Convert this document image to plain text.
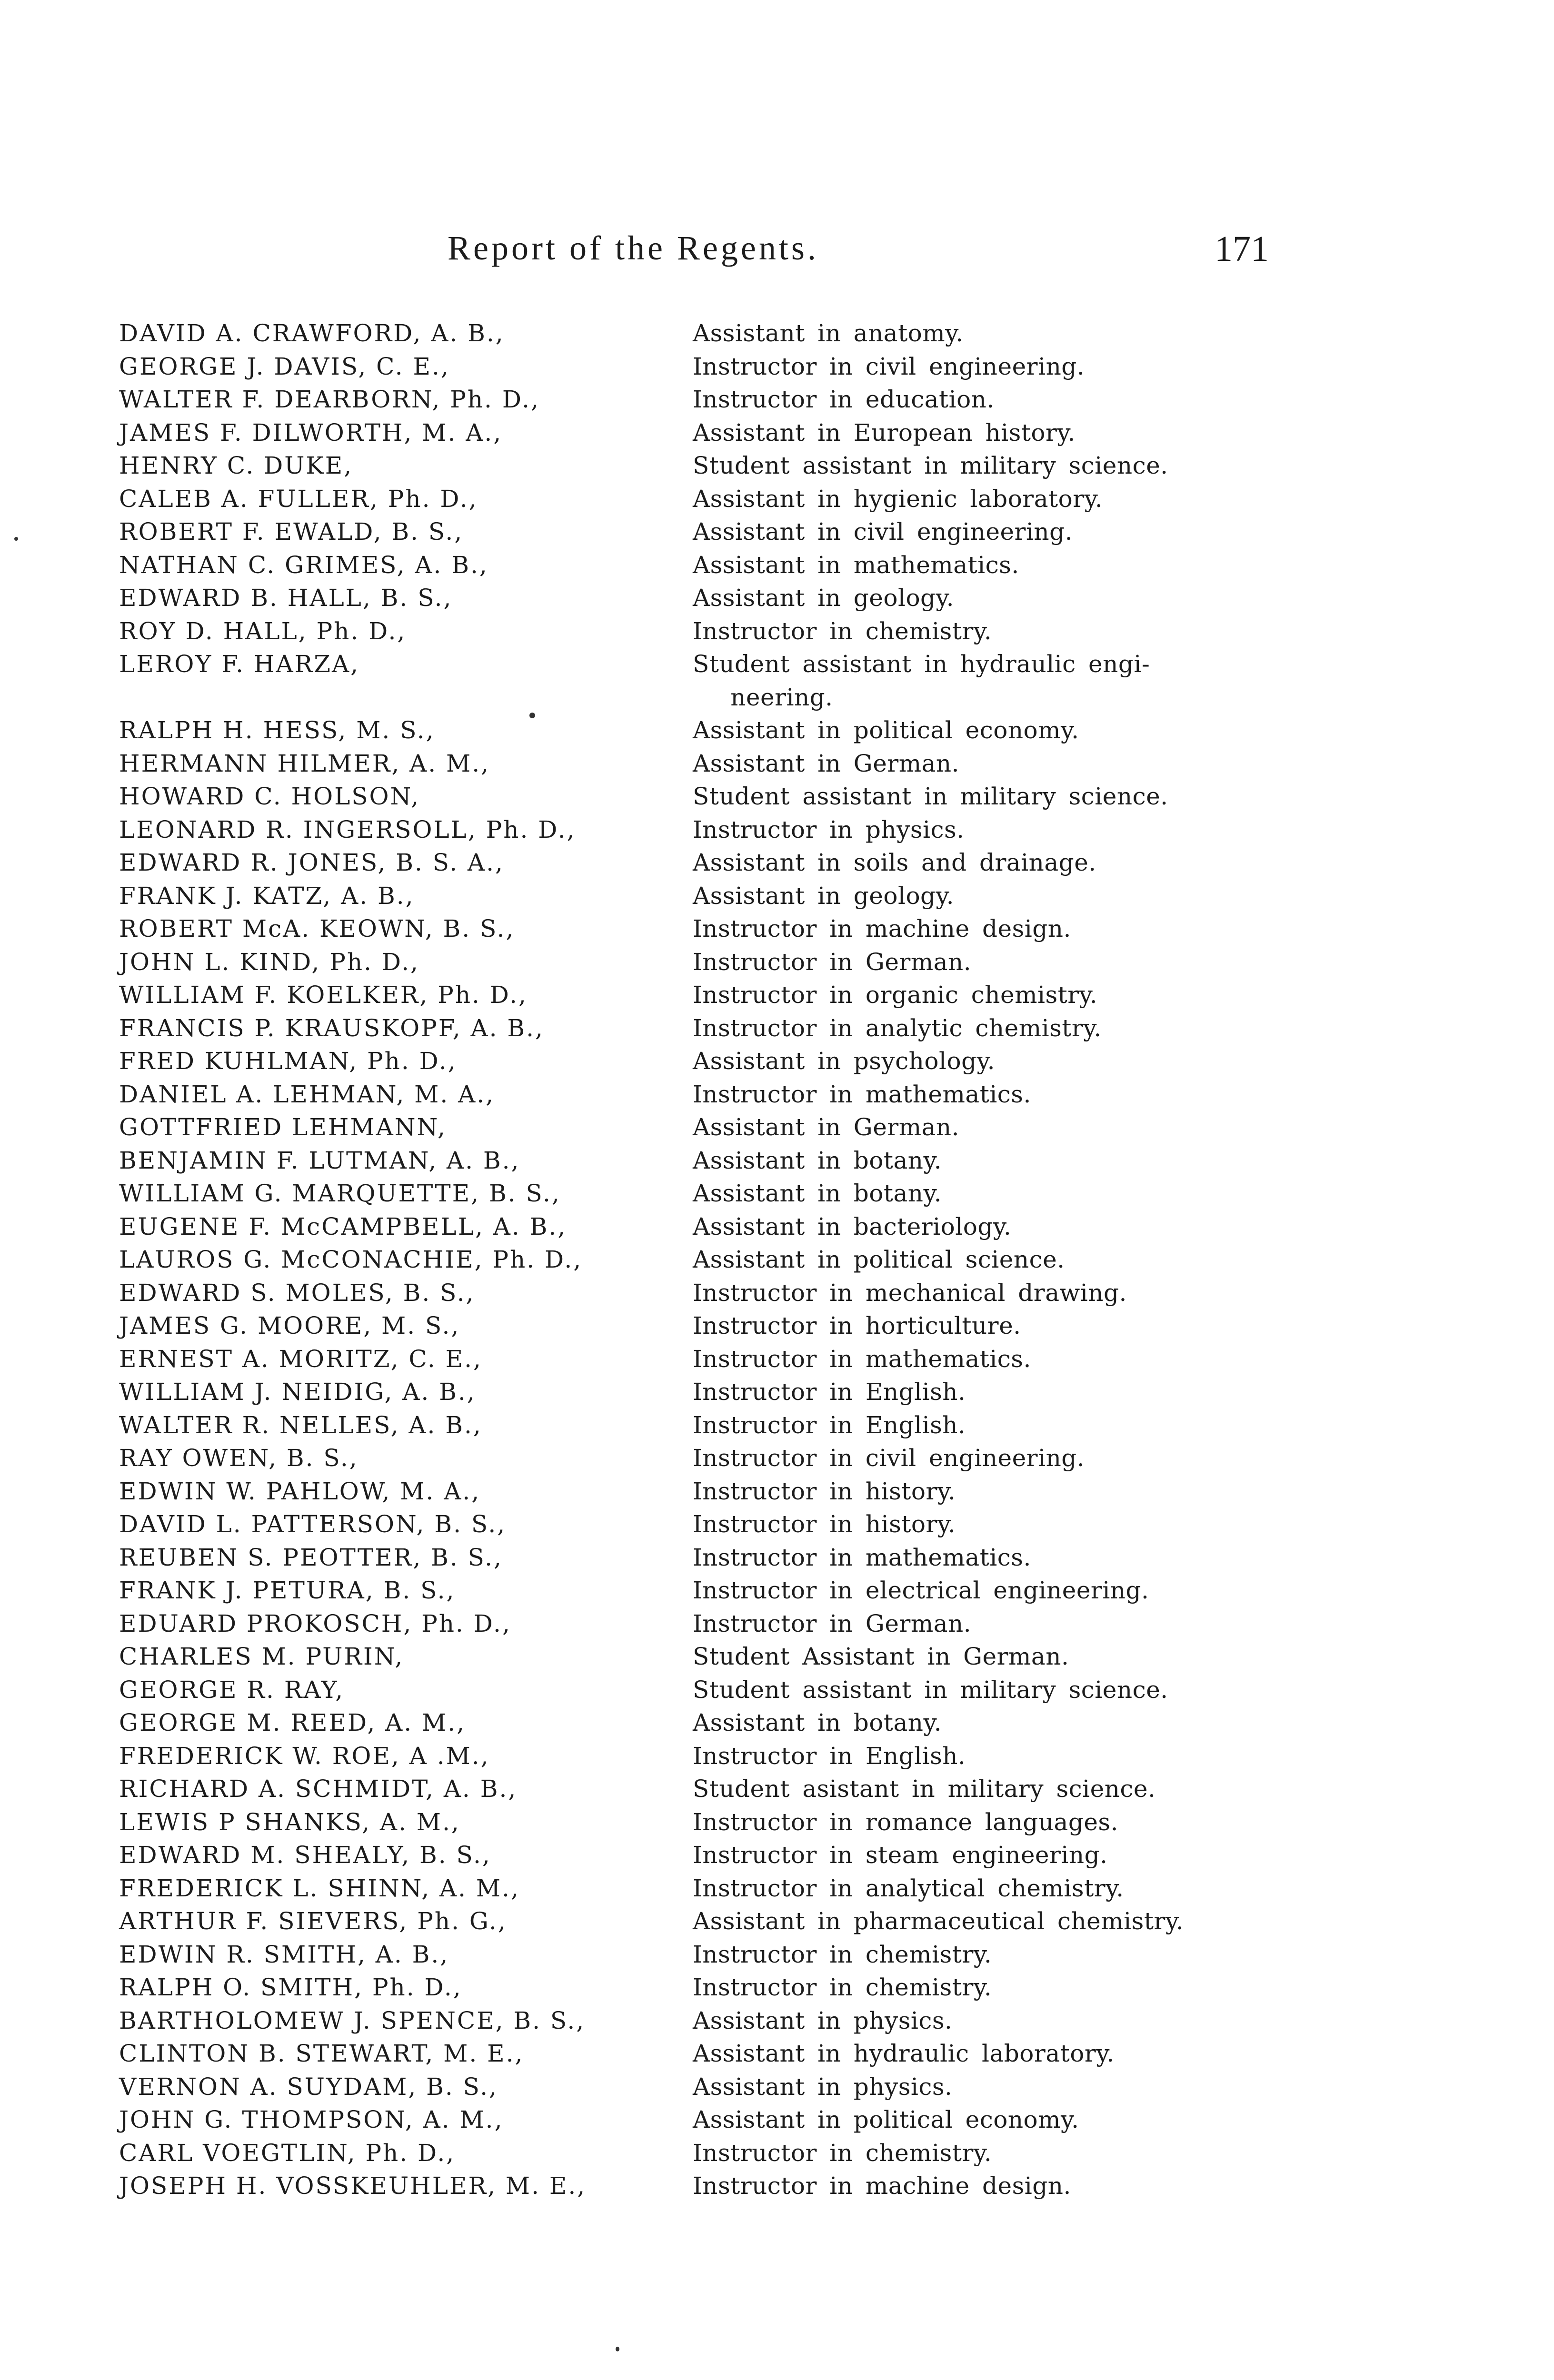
Report of the Regents.	171
DAVID A. CRAWFORD, A. B.,	Assistant in anatomy.
GEORGE J. DAVIS, C. E.,	Instructor in civil engineering.
WALTER F. DEARBORN, Ph. D.,	Instructor in education.
JAMES F. DILWORTH, M. A.,	Assistant in European history.
HENRY C. DUKE,	Student assistant in military science.
CALEB A. FULLER, Ph. D.,	Assistant in hygienic laboratory.
ROBERT F. EWALD, B. S.,	Assistant in civil engineering.
NATHAN C. GRIMES, A. B.,	Assistant in mathematics.
EDWARD B. HALL, B. S.,	Assistant in geology.
ROY D. HALL, Ph. D.,	Instructor in chemistry.
LEROY F. HARZA,	Student assistant in hydraulic engi-
neering.
RALPH H. HESS, M. S.,	Assistant in political economy.
HERMANN HILMER, A. M.,	Assistant in German.
HOWARD C. HOLSON,	Student assistant in military science.
LEONARD R. INGERSOLL, Ph. D.,	Instructor in physics.
EDWARD R. JONES, B. S. A.,	Assistant in soils and drainage.
FRANK J. KATZ, A. B.,	Assistant in geology.
ROBERT McA. KEOWN, B. S.,	Instructor in machine design.
JOHN L. KIND, Ph. D.,	Instructor in German.
WILLIAM F. KOELKER, Ph. D.,	Instructor in organic chemistry.
FRANCIS P. KRAUSKOPF, A. B.,	Instructor in analytic chemistry.
FRED KUHLMAN, Ph. D.,	Assistant in psychology.
DANIEL A. LEHMAN, M. A.,	Instructor in mathematics.
GOTTFRIED LEHMANN,	Assistant in German.
BENJAMIN F. LUTMAN, A. B.,	Assistant in botany.
WILLIAM G. MARQUETTE, B. S.,	Assistant in botany.
EUGENE F. McCAMPBELL, A. B.,	Assistant in bacteriology.
LAUROS G. McCONACHIE, Ph. D.,	Assistant in political science.
EDWARD S. MOLES, B. S.,	Instructor in mechanical drawing.
JAMES G. MOORE, M. S.,	Instructor in horticulture.
ERNEST A. MORITZ, C. E.,	Instructor in mathematics.
WILLIAM J. NEIDIG, A. B.,	Instructor in English.
WALTER R. NELLES, A. B.,	Instructor in English.
RAY OWEN, B. S.,	Instructor in civil engineering.
EDWIN W. PAHLOW, M. A.,	Instructor in history.
DAVID L. PATTERSON, B. S.,	Instructor in history.
REUBEN S. PEOTTER, B. S.,	Instructor in mathematics.
FRANK J. PETURA, B. S.,	Instructor in electrical engineering.
EDUARD PROKOSCH, Ph. D.,	Instructor in German.
CHARLES M. PURIN,	Student Assistant in German.
GEORGE R. RAY,	Student assistant in military science.
GEORGE M. REED, A. M.,	Assistant in botany.
FREDERICK W. ROE, A .M.,	Instructor in English.
RICHARD A. SCHMIDT, A. B.,	Student asistant in military science.
LEWIS P SHANKS, A. M.,	Instructor in romance languages.
EDWARD M. SHEALY, B. S.,	Instructor in steam engineering.
FREDERICK L. SHINN, A. M.,	Instructor in analytical chemistry.
ARTHUR F. SIEVERS, Ph. G.,	Assistant in pharmaceutical chemistry.
EDWIN R. SMITH, A. B.,	Instructor in chemistry.
RALPH O. SMITH, Ph. D.,	Instructor in chemistry.
BARTHOLOMEW J. SPENCE, B. S.,	Assistant in physics.
CLINTON B. STEWART, M. E.,	Assistant in hydraulic laboratory.
VERNON A. SUYDAM, B. S.,	Assistant in physics.
JOHN G. THOMPSON, A. M.,	Assistant in political economy.
CARL VOEGTLIN, Ph. D.,	Instructor in chemistry.
JOSEPH H. VOSSKEUHLER, M. E.,	Instructor in machine design.
